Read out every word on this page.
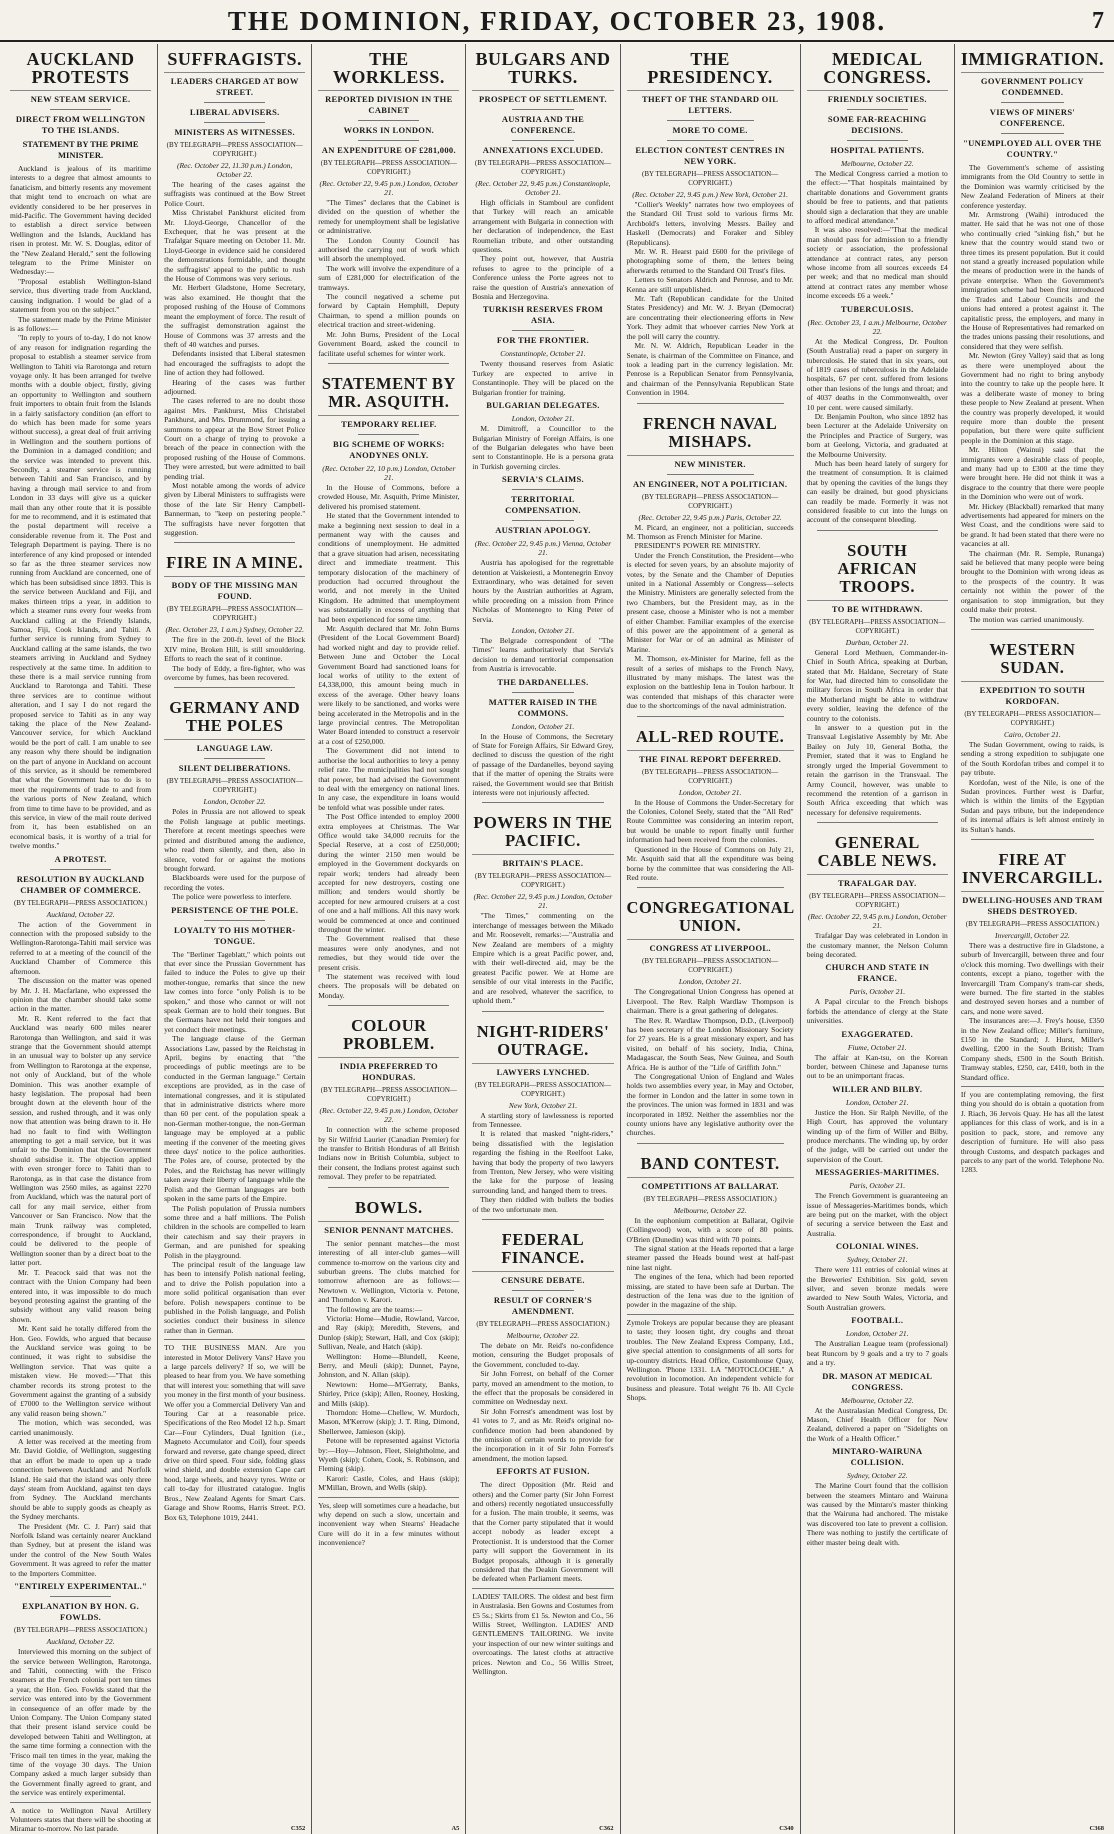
THE DOMINION, FRIDAY, OCTOBER 23, 1908.	7
AUCKLAND PROTESTS
NEW STEAM SERVICE.
DIRECT FROM WELLINGTON TO THE ISLANDS.
STATEMENT BY THE PRIME MINISTER.

Auckland is jealous of its maritime interests to a degree that almost amounts to fanaticism, and bitterly resents any movement that might tend to encroach on what are evidently considered to be her preserves in mid-Pacific. The Government having decided to establish a direct service between Wellington and the Islands, Auckland has risen in protest. Mr. W. S. Douglas, editor of the "New Zealand Herald," sent the following telegram to the Prime Minister on Wednesday:—

"Proposal establish Wellington-Island service, thus diverting trade from Auckland, causing indignation. I would be glad of a statement from you on the subject."

The statement made by the Prime Minister is as follows:—

"In reply to yours of to-day, I do not know of any reason for indignation regarding the proposal to establish a steamer service from Wellington to Tahiti via Rarotonga and return voyage only. It has been arranged for twelve months with a double object, firstly, giving an opportunity to Wellington and southern fruit importers to obtain fruit from the Islands in a fairly satisfactory condition (an effort to do which has been made for some years without success), a great deal of fruit arriving in Wellington and the southern portions of the Dominion in a damaged condition; and the service was intended to prevent this. Secondly, a steamer service is running between Tahiti and San Francisco, and by having a through mail service to and from London in 33 days will give us a quicker mail than any other route that it is possible for me to recommend, and it is estimated that the postal department will receive a considerable revenue from it. The Post and Telegraph Department is paying. There is no interference of any kind proposed or intended so far as the three steamer services now running from Auckland are concerned, one of which has been subsidised since 1893. This is the service between Auckland and Fiji, and makes thirteen trips a year, in addition to which a steamer runs every four weeks from Auckland calling at the Friendly Islands, Samoa, Fiji, Cook Islands, and Tahiti. A further service is running from Sydney to Auckland calling at the same islands, the two steamers arriving in Auckland and Sydney respectively at the same time. In addition to these there is a mail service running from Auckland to Rarotonga and Tahiti. These three services are to continue without alteration, and I say I do not regard the proposed service to Tahiti as in any way taking the place of the New Zealand-Vancouver service, for which Auckland would be the port of call. I am unable to see any reason why there should be indignation on the part of anyone in Auckland on account of this service, as it should be remembered that what the Government has to do is to meet the requirements of trade to and from the various ports of New Zealand, which from time to time have to be provided, and as this service, in view of the mail route derived from it, has been established on an economical basis, it is worthy of a trial for twelve months."

A PROTEST.
RESOLUTION BY AUCKLAND CHAMBER OF COMMERCE.
(BY TELEGRAPH—PRESS ASSOCIATION.)
Auckland, October 22.

The action of the Government in connection with the proposed subsidy to the Wellington-Rarotonga-Tahiti mail service was referred to at a meeting of the council of the Auckland Chamber of Commerce this afternoon.

The discussion on the matter was opened by Mr. J. H. Macfarlane, who expressed the opinion that the chamber should take some action in the matter.

Mr. R. Kent referred to the fact that Auckland was nearly 600 miles nearer Rarotonga than Wellington, and said it was strange that the Government should attempt in an unusual way to bolster up any service from Wellington to Rarotonga at the expense, not only of Auckland, but of the whole Dominion. This was another example of hasty legislation. The proposal had been brought down at the eleventh hour of the session, and rushed through, and it was only now that attention was being drawn to it. He had no fault to find with Wellington attempting to get a mail service, but it was unfair to the Dominion that the Government should subsidise it. The objection applied with even stronger force to Tahiti than to Rarotonga, as in that case the distance from Wellington was 2560 miles, as against 2270 from Auckland, which was the natural port of call for any mail service, either from Vancouver or San Francisco. Now that the main Trunk railway was completed, correspondence, if brought to Auckland, could be delivered to the people of Wellington sooner than by a direct boat to the latter port.

Mr. T. Peacock said that was not the contract with the Union Company had been entered into, it was impossible to do much beyond protesting against the granting of the subsidy without any valid reason being shown.

Mr. Kent said he totally differed from the Hon. Geo. Fowlds, who argued that because the Auckland service was going to be continued, it was right to subsidise the Wellington service. That was quite a mistaken view. He moved:—"That this chamber records its strong protest to the Government against the granting of a subsidy of £7000 to the Wellington service without any valid reason being shown."

The motion, which was seconded, was carried unanimously.

A letter was received at the meeting from Mr. David Goldie, of Wellington, suggesting that an effort be made to open up a trade connection between Auckland and Norfolk Island. He said that the island was only three days' steam from Auckland, against ten days from Sydney. The Auckland merchants should be able to supply goods as cheaply as the Sydney merchants.

The President (Mr. C. J. Parr) said that Norfolk Island was certainly nearer Auckland than Sydney, but at present the island was under the control of the New South Wales Government. It was agreed to refer the matter to the Importers Committee.

"ENTIRELY EXPERIMENTAL."
EXPLANATION BY HON. G. FOWLDS.
(BY TELEGRAPH—PRESS ASSOCIATION.)
Auckland, October 22.

Interviewed this morning on the subject of the service between Wellington, Rarotonga, and Tahiti, connecting with the Frisco steamers at the French colonial port ten times a year, the Hon. Geo. Fowlds stated that the service was entered into by the Government in consequence of an offer made by the Union Company. The Union Company stated that their present island service could be developed between Tahiti and Wellington, at the same time forming a connection with the 'Frisco mail ten times in the year, making the time of the voyage 30 days. The Union Company asked a much larger subsidy than the Government finally agreed to grant, and the service was entirely experimental.

A notice to Wellington Naval Artillery Volunteers states that there will be shooting at Miramar to-morrow. No last parade.
SUFFRAGISTS.
LEADERS CHARGED AT BOW STREET.
LIBERAL ADVISERS.
MINISTERS AS WITNESSES.
(BY TELEGRAPH—PRESS ASSOCIATION—COPYRIGHT.)
(Rec. October 22, 11.30 p.m.) London, October 22.

The hearing of the cases against the suffragists was continued at the Bow Street Police Court.

Miss Christabel Pankhurst elicited from Mr. Lloyd-George, Chancellor of the Exchequer, that he was present at the Trafalgar Square meeting on October 11. Mr. Lloyd-George in evidence said he considered the demonstrations formidable, and thought the suffragists' appeal to the public to rush the House of Commons was very serious.

Mr. Herbert Gladstone, Home Secretary, was also examined. He thought that the proposed rushing of the House of Commons meant the employment of force. The result of the suffragist demonstration against the House of Commons was 37 arrests and the theft of 40 watches and purses.

Defendants insisted that Liberal statesmen had encouraged the suffragists to adopt the line of action they had followed.

Hearing of the cases was further adjourned.

The cases referred to are no doubt those against Mrs. Pankhurst, Miss Christabel Pankhurst, and Mrs. Drummond, for issuing a summons to appear at the Bow Street Police Court on a charge of trying to provoke a breach of the peace in connection with the proposed rushing of the House of Commons. They were arrested, but were admitted to bail pending trial.

Most notable among the words of advice given by Liberal Ministers to suffragists were those of the late Sir Henry Campbell-Bannerman, to "keep on pestering people." The suffragists have never forgotten that suggestion.

FIRE IN A MINE.
BODY OF THE MISSING MAN FOUND.
(BY TELEGRAPH—PRESS ASSOCIATION—COPYRIGHT.)
(Rec. October 23, 1 a.m.) Sydney, October 22.

The fire in the 200-ft. level of the Block XIV mine, Broken Hill, is still smouldering. Efforts to reach the seat of it continue.

The body of Eddy, a fire-fighter, who was overcome by fumes, has been recovered.

GERMANY AND THE POLES
LANGUAGE LAW.
SILENT DELIBERATIONS.
(BY TELEGRAPH—PRESS ASSOCIATION—COPYRIGHT.)
London, October 22.

Poles in Prussia are not allowed to speak the Polish language at public meetings. Therefore at recent meetings speeches were printed and distributed among the audience, who read them silently, and then, also in silence, voted for or against the motions brought forward.

Blackboards were used for the purpose of recording the votes.

The police were powerless to interfere.

PERSISTENCE OF THE POLE.
LOYALTY TO HIS MOTHER-TONGUE.

The "Berliner Tageblatt," which points out that ever since the Prussian Government has failed to induce the Poles to give up their mother-tongue, remarks that since the new law comes into force "only Polish is to be spoken," and those who cannot or will not speak German are to hold their tongues. But the Germans have not held their tongues and yet conduct their meetings.

The language clause of the German Associations Law, passed by the Reichstag in April, begins by enacting that "the proceedings of public meetings are to be conducted in the German language." Certain exceptions are provided, as in the case of international congresses, and it is stipulated that in administrative districts where more than 60 per cent. of the population speak a non-German mother-tongue, the non-German language may be employed at a public meeting if the convener of the meeting gives three days' notice to the police authorities. The Poles are, of course, protected by the Poles, and the Reichstag has never willingly taken away their liberty of language while the Polish and the German languages are both spoken in the same parts of the Empire.

The Polish population of Prussia numbers some three and a half millions. The Polish children in the schools are compelled to learn their catechism and say their prayers in German, and are punished for speaking Polish in the playground.

The principal result of the language law has been to intensify Polish national feeling, and to drive the Polish population into a more solid political organisation than ever before. Polish newspapers continue to be published in the Polish language, and Polish societies conduct their business in silence rather than in German.

TO THE BUSINESS MAN. Are you interested in Motor Delivery Vans? Have you a large parcels delivery? If so, we will be pleased to hear from you. We have something that will interest you: something that will save you money in the first month of your business. We offer you a Commercial Delivery Van and Touring Car at a reasonable price. Specifications of the Reo Model 12 h.p. Smart Car—Four Cylinders, Dual Ignition (i.e., Magneto Accumulator and Coil), four speeds forward and reverse, gate change speed, direct drive on third speed. Four side, folding glass wind shield, and double extension Cape cart hood, large wheels, and heavy tyres. Write or call to-day for illustrated catalogue. Inglis Bros., New Zealand Agents for Smart Cars. Garage and Show Rooms, Harris Street. P.O. Box 63, Telephone 1019, 2441.
C352
THE WORKLESS.
REPORTED DIVISION IN THE CABINET
WORKS IN LONDON.
AN EXPENDITURE OF £281,000.
(BY TELEGRAPH—PRESS ASSOCIATION—COPYRIGHT.)
(Rec. October 22, 9.45 p.m.) London, October 21.

"The Times" declares that the Cabinet is divided on the question of whether the remedy for unemployment shall be legislative or administrative.

The London County Council has authorised the carrying out of work which will absorb the unemployed.

The work will involve the expenditure of a sum of £281,000 for electrification of the tramways.

The council negatived a scheme put forward by Captain Hemphill, Deputy Chairman, to spend a million pounds on electrical traction and street-widening.

Mr. John Burns, President of the Local Government Board, asked the council to facilitate useful schemes for winter work.

STATEMENT BY MR. ASQUITH.
TEMPORARY RELIEF.
BIG SCHEME OF WORKS: ANODYNES ONLY.
(Rec. October 22, 10 p.m.) London, October 21.

In the House of Commons, before a crowded House, Mr. Asquith, Prime Minister, delivered his promised statement.

He stated that the Government intended to make a beginning next session to deal in a permanent way with the causes and conditions of unemployment. He admitted that a grave situation had arisen, necessitating direct and immediate treatment. This temporary dislocation of the machinery of production had occurred throughout the world, and not merely in the United Kingdom. He admitted that unemployment was substantially in excess of anything that had been experienced for some time.

Mr. Asquith declared that Mr. John Burns (President of the Local Government Board) had worked night and day to provide relief. Between June and October the Local Government Board had sanctioned loans for local works of utility to the extent of £4,338,000, this amount being much in excess of the average. Other heavy loans were likely to be sanctioned, and works were being accelerated in the Metropolis and in the large provincial centres. The Metropolitan Water Board intended to construct a reservoir at a cost of £250,000.

The Government did not intend to authorise the local authorities to levy a penny relief rate. The municipalities had not sought that power, but had advised the Government to deal with the emergency on national lines. In any case, the expenditure in loans would be tenfold what was possible under rates.

The Post Office intended to employ 2000 extra employees at Christmas. The War Office would take 34,000 recruits for the Special Reserve, at a cost of £250,000; during the winter 2150 men would be employed in the Government dockyards on repair work; tenders had already been accepted for new destroyers, costing one million; and tenders would shortly be accepted for new armoured cruisers at a cost of one and a half millions. All this navy work would be commenced at once and continued throughout the winter.

The Government realised that these measures were only anodynes, and not remedies, but they would tide over the present crisis.

The statement was received with loud cheers. The proposals will be debated on Monday.

COLOUR PROBLEM.
INDIA PREFERRED TO HONDURAS.
(BY TELEGRAPH—PRESS ASSOCIATION—COPYRIGHT.)
(Rec. October 22, 9.45 p.m.) London, October 22.

In connection with the scheme proposed by Sir Wilfrid Laurier (Canadian Premier) for the transfer to British Honduras of all British Indians now in British Columbia, subject to their consent, the Indians protest against such removal. They prefer to be repatriated.

BOWLS.
SENIOR PENNANT MATCHES.

The senior pennant matches—the most interesting of all inter-club games—will commence to-morrow on the various city and suburban greens. The clubs matched for tomorrow afternoon are as follows:—Newtown v. Wellington, Victoria v. Petone, and Thorndon v. Karori.

The following are the teams:—

Victoria: Home—Mudie, Rowland, Varcoe, and Ray (skip); Meredith, Stevens, and Dunlop (skip); Stewart, Hall, and Cox (skip); Sullivan, Neale, and Hatch (skip).

Wellington: Home—Blundell, Keene, Berry, and Meuli (skip); Dunnet, Payne, Johnston, and N. Allan (skip).

Newtown: Home—M'Gerraty, Banks, Shirley, Price (skip); Allen, Rooney, Hosking, and Mills (skip).

Thorndon: Home—Chellew, W. Murdoch, Mason, M'Kerrow (skip); J. T. Ring, Dimond, Shellerwee, Jamieson (skip).

Petone will be represented against Victoria by:—Hoy—Johnson, Fleet, Sleightholme, and Wyeth (skip); Cohen, Cook, S. Robinson, and Fleming (skip).

Karori: Castle, Coles, and Haus (skip); M'Millan, Brown, and Wells (skip).

Yes, sleep will sometimes cure a headache, but why depend on such a slow, uncertain and inconvenient way when Stearns' Headache Cure will do it in a few minutes without inconvenience?
A5
BULGARS AND TURKS.
PROSPECT OF SETTLEMENT.
AUSTRIA AND THE CONFERENCE.
ANNEXATIONS EXCLUDED.
(BY TELEGRAPH—PRESS ASSOCIATION—COPYRIGHT.)
(Rec. October 22, 9.45 p.m.) Constantinople, October 21.

High officials in Stamboul are confident that Turkey will reach an amicable arrangement with Bulgaria in connection with her declaration of independence, the East Roumelian tribute, and other outstanding questions.

They point out, however, that Austria refuses to agree to the principle of a Conference unless the Porte agrees not to raise the question of Austria's annexation of Bosnia and Herzegovina.

TURKISH RESERVES FROM ASIA.
FOR THE FRONTIER.
Constantinople, October 21.

Twenty thousand reserves from Asiatic Turkey are expected to arrive in Constantinople. They will be placed on the Bulgarian frontier for training.

BULGARIAN DELEGATES.
London, October 21.

M. Dimitroff, a Councillor to the Bulgarian Ministry of Foreign Affairs, is one of the Bulgarian delegates who have been sent to Constantinople. He is a persona grata in Turkish governing circles.

SERVIA'S CLAIMS.
TERRITORIAL COMPENSATION.
AUSTRIAN APOLOGY.
(Rec. October 22, 9.45 p.m.) Vienna, October 21.

Austria has apologised for the regrettable detention at Vaiskeiesti, a Montenegrin Envoy Extraordinary, who was detained for seven hours by the Austrian authorities at Agram, while proceeding on a mission from Prince Nicholas of Montenegro to King Peter of Servia.

London, October 21.

The Belgrade correspondent of "The Times" learns authoritatively that Servia's decision to demand territorial compensation from Austria is irrevocable.

THE DARDANELLES.
MATTER RAISED IN THE COMMONS.
London, October 21.

In the House of Commons, the Secretary of State for Foreign Affairs, Sir Edward Grey, declined to discuss the question of the right of passage of the Dardanelles, beyond saying that if the matter of opening the Straits were raised, the Government would see that British interests were not injuriously affected.

POWERS IN THE PACIFIC.
BRITAIN'S PLACE.
(BY TELEGRAPH—PRESS ASSOCIATION—COPYRIGHT.)
(Rec. October 22, 9.45 p.m.) London, October 21.

"The Times," commenting on the interchange of messages between the Mikado and Mr. Roosevelt, remarks:—"Australia and New Zealand are members of a mighty Empire which is a great Pacific power, and, with their well-directed aid, may be the greatest Pacific power. We at Home are sensible of our vital interests in the Pacific, and are resolved, whatever the sacrifice, to uphold them."

NIGHT-RIDERS' OUTRAGE.
LAWYERS LYNCHED.
(BY TELEGRAPH—PRESS ASSOCIATION—COPYRIGHT.)
New York, October 21.

A startling story of lawlessness is reported from Tennessee.

It is related that masked "night-riders," being dissatisfied with the legislation regarding the fishing in the Reelfoot Lake, having that body the property of two lawyers from Trenton, New Jersey, who were visiting the lake for the purpose of leasing surrounding land, and hanged them to trees.

They then riddled with bullets the bodies of the two unfortunate men.

FEDERAL FINANCE.
CENSURE DEBATE.
RESULT OF CORNER'S AMENDMENT.
(BY TELEGRAPH—PRESS ASSOCIATION.)
Melbourne, October 22.

The debate on Mr. Reid's no-confidence motion, censuring the Budget proposals of the Government, concluded to-day.

Sir John Forrest, on behalf of the Corner party, moved an amendment to the motion, to the effect that the proposals be considered in committee on Wednesday next.

Sir John Forrest's amendment was lost by 41 votes to 7, and as Mr. Reid's original no-confidence motion had been abandoned by the omission of certain words to provide for the incorporation in it of Sir John Forrest's amendment, the motion lapsed.

EFFORTS AT FUSION.

The direct Opposition (Mr. Reid and others) and the Corner party (Sir John Forrest and others) recently negotiated unsuccessfully for a fusion. The main trouble, it seems, was that the Corner party stipulated that it would accept nobody as leader except a Protectionist. It is understood that the Corner party will support the Government in its Budget proposals, although it is generally considered that the Deakin Government will be defeated when Parliament meets.

LADIES' TAILORS. The oldest and best firm in Australasia. Ben Gowns and Costumes from £5 5s.; Skirts from £1 5s. Newton and Co., 56 Willis Street, Wellington. LADIES' AND GENTLEMEN'S TAILORING. We invite your inspection of our new winter suitings and overcoatings. The latest cloths at attractive prices. Newton and Co., 56 Willis Street, Wellington.
C362
THE PRESIDENCY.
THEFT OF THE STANDARD OIL LETTERS.
MORE TO COME.
ELECTION CONTEST CENTRES IN NEW YORK.
(BY TELEGRAPH—PRESS ASSOCIATION—COPYRIGHT.)
(Rec. October 22, 9.45 p.m.) New York, October 21.

"Collier's Weekly" narrates how two employees of the Standard Oil Trust sold to various firms Mr. Archbold's letters, involving Messrs. Bailey and Haskell (Democrats) and Foraker and Sibley (Republicans).

Mr. W. R. Hearst paid £600 for the privilege of photographing some of them, the letters being afterwards returned to the Standard Oil Trust's files.

Letters to Senators Aldrich and Penrose, and to Mr. Kenna are still unpublished.

Mr. Taft (Republican candidate for the United States Presidency) and Mr. W. J. Bryan (Democrat) are concentrating their electioneering efforts in New York. They admit that whoever carries New York at the poll will carry the country.

Mr. N. W. Aldrich, Republican Leader in the Senate, is chairman of the Committee on Finance, and took a leading part in the currency legislation. Mr. Penrose is a Republican Senator from Pennsylvania, and chairman of the Pennsylvania Republican State Convention in 1904.

FRENCH NAVAL MISHAPS.
NEW MINISTER.
AN ENGINEER, NOT A POLITICIAN.
(BY TELEGRAPH—PRESS ASSOCIATION—COPYRIGHT.)
(Rec. October 22, 9.45 p.m.) Paris, October 22.

M. Picard, an engineer, not a politician, succeeds M. Thomson as French Minister for Marine.

PRESIDENT'S POWER RE MINISTRY.

Under the French Constitution, the President—who is elected for seven years, by an absolute majority of votes, by the Senate and the Chamber of Deputies united in a National Assembly or Congress—selects the Ministry. Ministers are generally selected from the two Chambers, but the President may, as in the present case, choose a Minister who is not a member of either Chamber. Familiar examples of the exercise of this power are the appointment of a general as Minister for War or of an admiral as Minister of Marine.

M. Thomson, ex-Minister for Marine, fell as the result of a series of mishaps to the French Navy, illustrated by many mishaps. The latest was the explosion on the battleship Iena in Toulon harbour. It was contended that mishaps of this character were due to the shortcomings of the naval administration.

ALL-RED ROUTE.
THE FINAL REPORT DEFERRED.
(BY TELEGRAPH—PRESS ASSOCIATION—COPYRIGHT.)
London, October 21.

In the House of Commons the Under-Secretary for the Colonies, Colonel Seely, stated that the "All Red" Route Committee was considering an interim report, but would be unable to report finally until further information had been received from the colonies.

Questioned in the House of Commons on July 21, Mr. Asquith said that all the expenditure was being borne by the committee that was considering the All-Red route.

CONGREGATIONAL UNION.
CONGRESS AT LIVERPOOL.
(BY TELEGRAPH—PRESS ASSOCIATION—COPYRIGHT.)
London, October 21.

The Congregational Union Congress has opened at Liverpool. The Rev. Ralph Wardlaw Thompson is chairman. There is a great gathering of delegates.

The Rev. R. Wardlaw Thompson, D.D., (Liverpool) has been secretary of the London Missionary Society for 27 years. He is a great missionary expert, and has visited, on behalf of his society, India, China, Madagascar, the South Seas, New Guinea, and South Africa. He is author of the "Life of Griffith John."

The Congregational Union of England and Wales holds two assemblies every year, in May and October, the former in London and the latter in some town in the provinces. The union was formed in 1831 and was incorporated in 1892. Neither the assemblies nor the county unions have any legislative authority over the churches.

BAND CONTEST.
COMPETITIONS AT BALLARAT.
(BY TELEGRAPH—PRESS ASSOCIATION.)
Melbourne, October 22.

In the euphonium competition at Ballarat, Ogilvie (Collingwood) won, with a score of 80 points. O'Brien (Dunedin) was third with 70 points.

The signal station at the Heads reported that a large steamer passed the Heads bound west at half-past nine last night.

The engines of the Iena, which had been reported missing, are stated to have been safe at Durban. The destruction of the Iena was due to the ignition of powder in the magazine of the ship.

Zymole Trokeys are popular because they are pleasant to taste; they loosen tight, dry coughs and throat troubles. The New Zealand Express Company, Ltd., give special attention to consignments of all sorts for up-country districts. Head Office, Customhouse Quay, Wellington. 'Phone 1331. LA "MOTOCLOCHE." A revolution in locomotion. An independent vehicle for business and pleasure. Total weight 76 lb. All Cycle Shops.
C340
MEDICAL CONGRESS.
FRIENDLY SOCIETIES.
SOME FAR-REACHING DECISIONS.
HOSPITAL PATIENTS.
Melbourne, October 22.

The Medical Congress carried a motion to the effect:—"That hospitals maintained by charitable donations and Government grants should be free to patients, and that patients should sign a declaration that they are unable to afford medical attendance."

It was also resolved:—"That the medical man should pass for admission to a friendly society or association, the professional attendance at contract rates, any person whose income from all sources exceeds £4 per week; and that no medical man should attend at contract rates any member whose income exceeds £6 a week."

TUBERCULOSIS.
(Rec. October 23, 1 a.m.) Melbourne, October 22.

At the Medical Congress, Dr. Poulton (South Australia) read a paper on surgery in tuberculosis. He stated that in six years, out of 1819 cases of tuberculosis in the Adelaide hospitals, 67 per cent. suffered from lesions other than lesions of the lungs and throat; and of 4037 deaths in the Commonwealth, over 10 per cent. were caused similarly.

Dr. Benjamin Poulton, who since 1892 has been Lecturer at the Adelaide University on the Principles and Practice of Surgery, was born at Geelong, Victoria, and graduated at the Melbourne University.

Much has been heard lately of surgery for the treatment of consumption. It is claimed that by opening the cavities of the lungs they can easily be drained, but good physicians can readily be made. Formerly it was not considered feasible to cut into the lungs on account of the consequent bleeding.

SOUTH AFRICAN TROOPS.
TO BE WITHDRAWN.
(BY TELEGRAPH—PRESS ASSOCIATION—COPYRIGHT.)
Durban, October 21.

General Lord Methuen, Commander-in-Chief in South Africa, speaking at Durban, stated that Mr. Haldane, Secretary of State for War, had directed him to consolidate the military forces in South Africa in order that the Motherland might be able to withdraw every soldier, leaving the defence of the country to the colonists.

In answer to a question put in the Transvaal Legislative Assembly by Mr. Abe Bailey on July 10, General Botha, the Premier, stated that it was to England he strongly urged the Imperial Government to retain the garrison in the Transvaal. The Army Council, however, was unable to recommend the retention of a garrison in South Africa exceeding that which was necessary for defensive requirements.

GENERAL CABLE NEWS.
TRAFALGAR DAY.
(BY TELEGRAPH—PRESS ASSOCIATION—COPYRIGHT.)
(Rec. October 22, 9.45 p.m.) London, October 21.

Trafalgar Day was celebrated in London in the customary manner, the Nelson Column being decorated.

CHURCH AND STATE IN FRANCE.
Paris, October 21.

A Papal circular to the French bishops forbids the attendance of clergy at the State universities.

EXAGGERATED.
Fiume, October 21.

The affair at Kan-tsu, on the Korean border, between Chinese and Japanese turns out to be an unimportant fracas.

WILLER AND BILBY.
London, October 21.

Justice the Hon. Sir Ralph Neville, of the High Court, has approved the voluntary winding up of the firm of Willer and Bilby, produce merchants. The winding up, by order of the judge, will be carried out under the supervision of the Court.

MESSAGERIES-MARITIMES.
Paris, October 21.

The French Government is guaranteeing an issue of Messageries-Maritimes bonds, which are being put on the market, with the object of securing a service between the East and Australia.

COLONIAL WINES.
Sydney, October 21.

There were 111 entries of colonial wines at the Breweries' Exhibition. Six gold, seven silver, and seven bronze medals were awarded to New South Wales, Victoria, and South Australian growers.

FOOTBALL.
London, October 21.

The Australian League team (professional) beat Runcorn by 9 goals and a try to 7 goals and a try.

DR. MASON AT MEDICAL CONGRESS.
Melbourne, October 22.

At the Australasian Medical Congress, Dr. Mason, Chief Health Officer for New Zealand, delivered a paper on "Sidelights on the Work of a Health Officer."

MINTARO-WAIRUNA COLLISION.
Sydney, October 22.

The Marine Court found that the collision between the steamers Mintaro and Wairuna was caused by the Mintaro's master thinking that the Wairuna had anchored. The mistake was discovered too late to prevent a collision. There was nothing to justify the certificate of either master being dealt with.

IMMIGRATION.
GOVERNMENT POLICY CONDEMNED.
VIEWS OF MINERS' CONFERENCE.
"UNEMPLOYED ALL OVER THE COUNTRY."

The Government's scheme of assisting immigrants from the Old Country to settle in the Dominion was warmly criticised by the New Zealand Federation of Miners at their conference yesterday.

Mr. Armstrong (Waihi) introduced the matter. He said that he was not one of those who continually cried "sinking fish," but he knew that the country would stand two or three times its present population. But it could not stand a greatly increased population while the means of production were in the hands of private enterprise. When the Government's immigration scheme had been first introduced the Trades and Labour Councils and the unions had entered a protest against it. The capitalistic press, the employers, and many in the House of Representatives had remarked on the trades unions passing their resolutions, and considered that they were selfish.

Mr. Newton (Grey Valley) said that as long as there were unemployed about the Government had no right to bring anybody into the country to take up the people here. It was a deliberate waste of money to bring these people to New Zealand at present. When the country was properly developed, it would require more than double the present population, but there were quite sufficient people in the Dominion at this stage.

Mr. Hilton (Wainui) said that the immigrants were a desirable class of people, and many had up to £300 at the time they were brought here. He did not think it was a disgrace to the country that there were people in the Dominion who were out of work.

Mr. Hickey (Blackball) remarked that many advertisements had appeared for miners on the West Coast, and the conditions were said to be grand. It had been stated that there were no vacancies at all.

The chairman (Mr. R. Semple, Runanga) said he believed that many people were being brought to the Dominion with wrong ideas as to the prospects of the country. It was certainly not within the power of the organisation to stop immigration, but they could make their protest.

The motion was carried unanimously.

WESTERN SUDAN.
EXPEDITION TO SOUTH KORDOFAN.
(BY TELEGRAPH—PRESS ASSOCIATION—COPYRIGHT.)
Cairo, October 21.

The Sudan Government, owing to raids, is sending a strong expedition to subjugate one of the South Kordofan tribes and compel it to pay tribute.

Kordofan, west of the Nile, is one of the Sudan provinces. Further west is Darfur, which is within the limits of the Egyptian Sudan and pays tribute, but the independence of its internal affairs is left almost entirely in its Sultan's hands.

FIRE AT INVERCARGILL.
DWELLING-HOUSES AND TRAM SHEDS DESTROYED.
(BY TELEGRAPH—PRESS ASSOCIATION.)
Invercargill, October 22.

There was a destructive fire in Gladstone, a suburb of Invercargill, between three and four o'clock this morning. Two dwellings with their contents, except a piano, together with the Invercargill Tram Company's tram-car sheds, were burned. The fire started in the stables and destroyed seven horses and a number of cars, and none were saved.

The insurances are:—J. Frey's house, £350 in the New Zealand office; Miller's furniture, £150 in the Standard; J. Hurst, Miller's dwelling, £200 in the South British; Tram Company sheds, £500 in the South British. Tramway stables, £250, car, £410, both in the Standard office.

If you are contemplating removing, the first thing you should do is obtain a quotation from J. Riach, 36 Jervois Quay. He has all the latest appliances for this class of work, and is in a position to pack, store, and remove any description of furniture. He will also pass through Customs, and despatch packages and parcels to any part of the world. Telephone No. 1283.
C368
